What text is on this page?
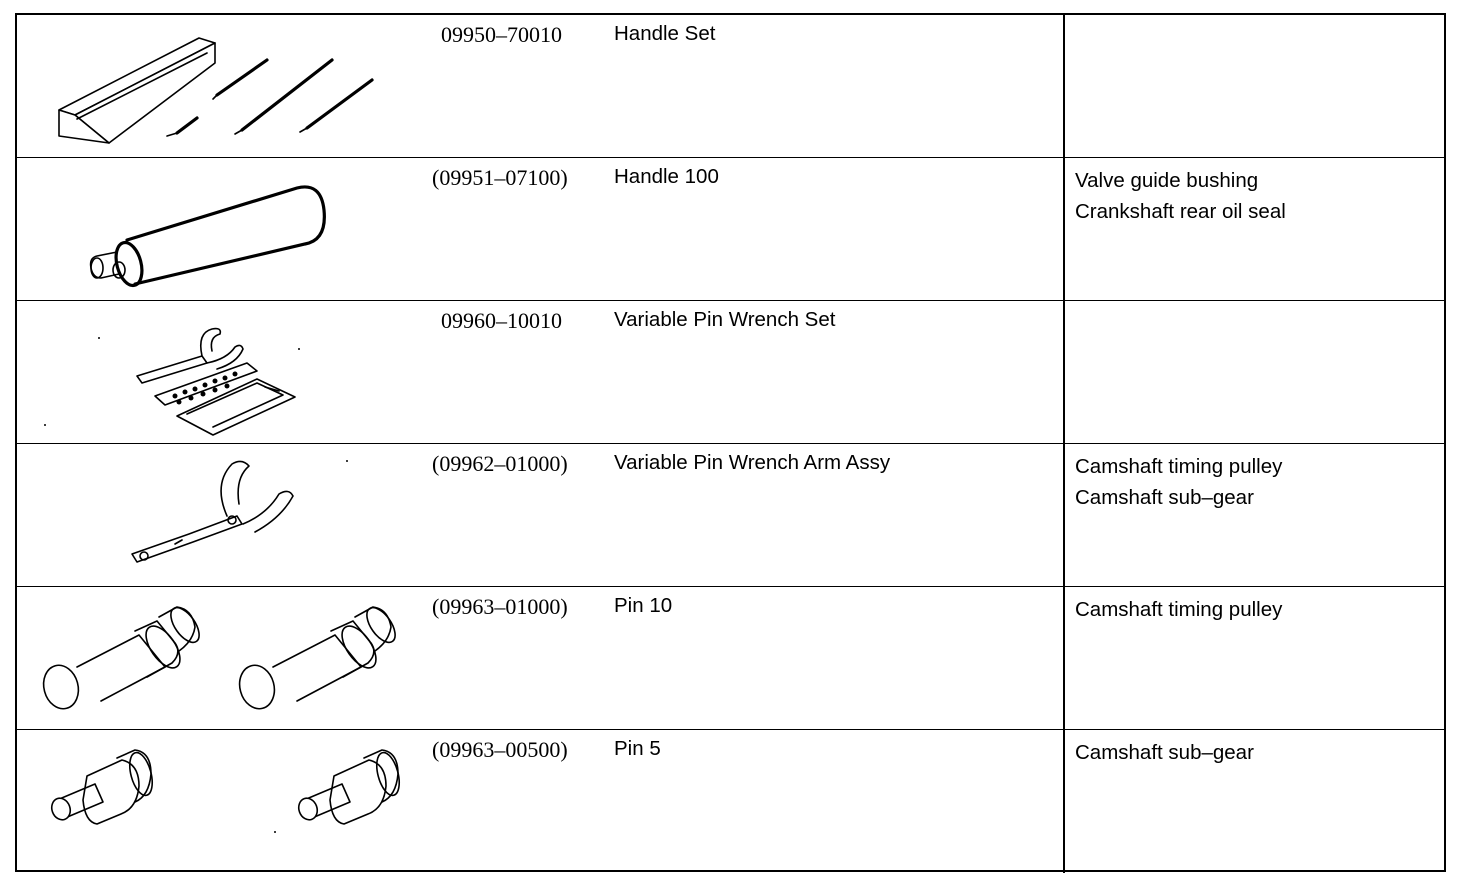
09950–70010	Handle Set
(09951–07100) Handle 100	Valve guide bushing
Crankshaft rear oil seal
09960–10010	Variable Pin Wrench Set
(09962–01000) Variable Pin Wrench Arm Assy	Camshaft timing pulley
Camshaft sub–gear
(09963–01000) Pin 10	Camshaft timing pulley
(09963–00500) Pin 5	Camshaft sub–gear
